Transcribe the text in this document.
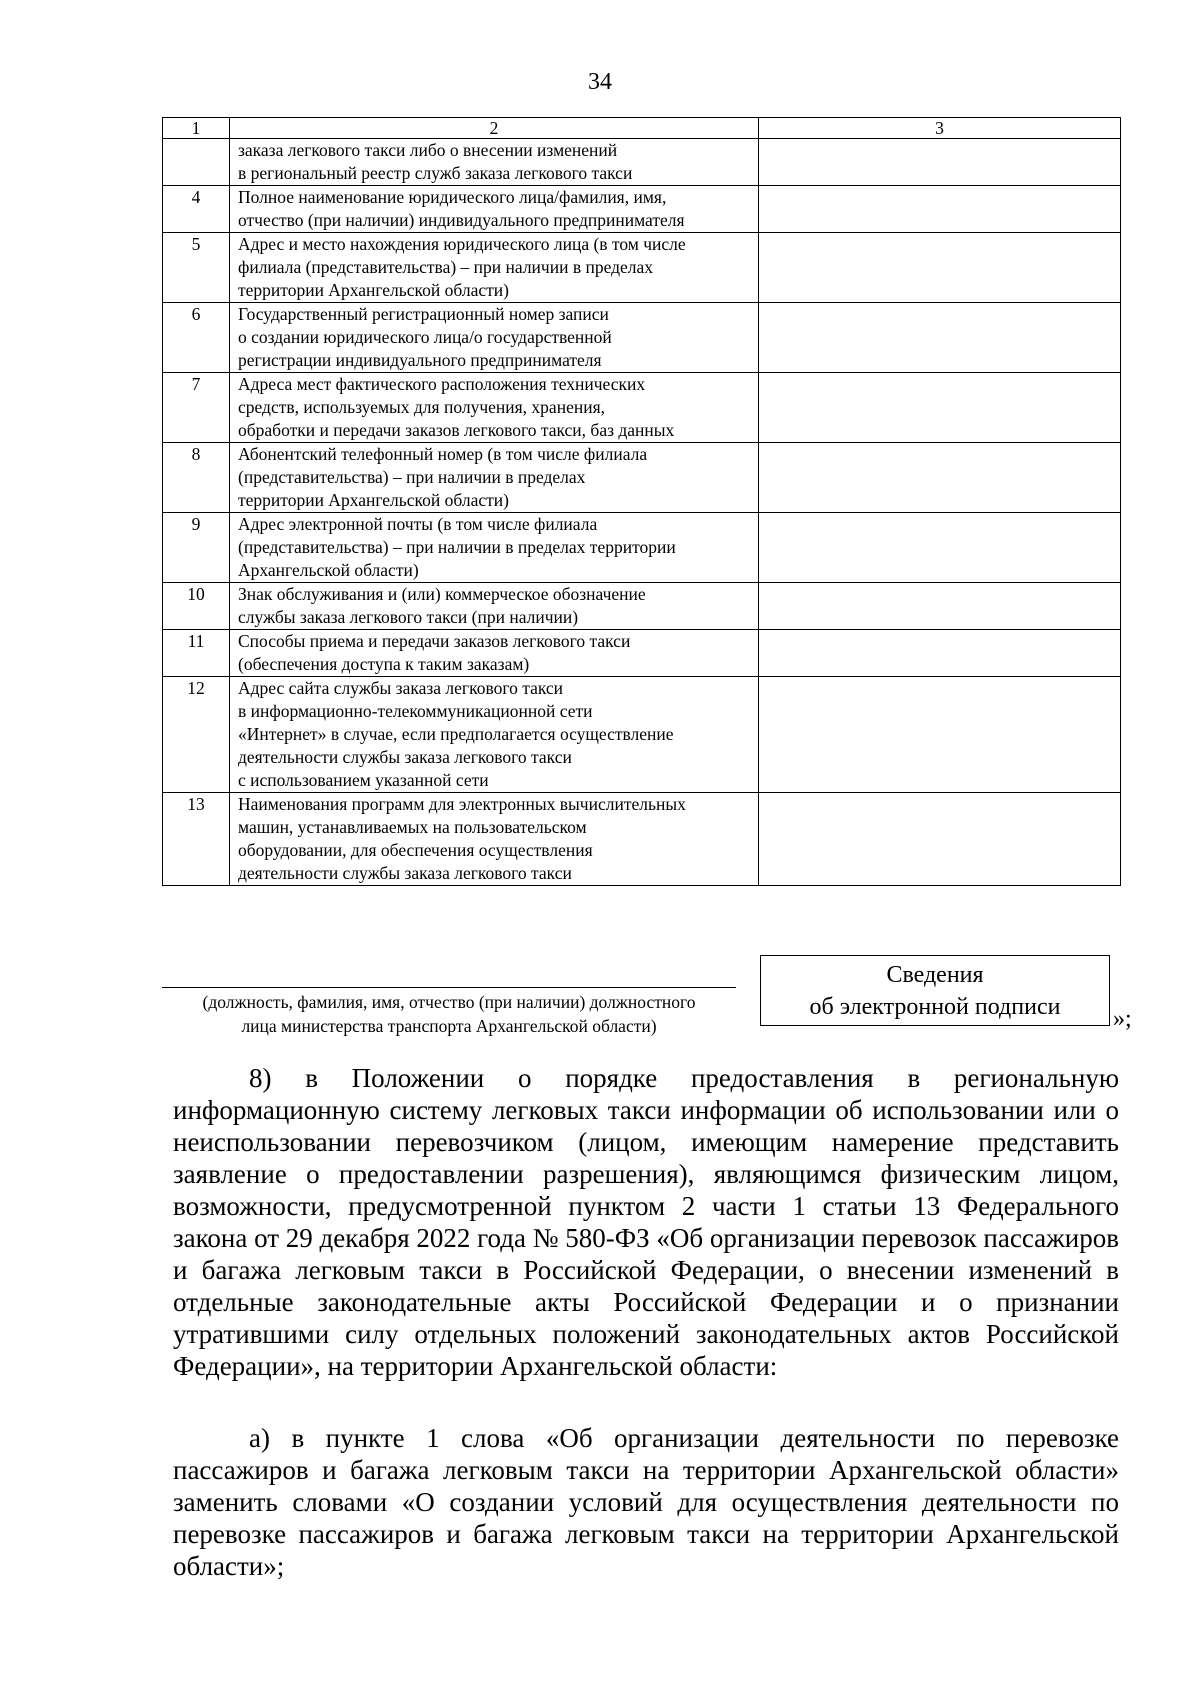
34
1	2	3
	заказа легкового такси либо о внесении изменений
в региональный реестр служб заказа легкового такси	
4	Полное наименование юридического лица/фамилия, имя,
отчество (при наличии) индивидуального предпринимателя	
5	Адрес и место нахождения юридического лица (в том числе
филиала (представительства) – при наличии в пределах
территории Архангельской области)	
6	Государственный регистрационный номер записи
о создании юридического лица/о государственной
регистрации индивидуального предпринимателя	
7	Адреса мест фактического расположения технических
средств, используемых для получения, хранения,
обработки и передачи заказов легкового такси, баз данных	
8	Абонентский телефонный номер (в том числе филиала
(представительства) – при наличии в пределах
территории Архангельской области)	
9	Адрес электронной почты (в том числе филиала
(представительства) – при наличии в пределах территории
Архангельской области)	
10	Знак обслуживания и (или) коммерческое обозначение
службы заказа легкового такси (при наличии)	
11	Способы приема и передачи заказов легкового такси
(обеспечения доступа к таким заказам)	
12	Адрес сайта службы заказа легкового такси
в информационно-телекоммуникационной сети
«Интернет» в случае, если предполагается осуществление
деятельности службы заказа легкового такси
с использованием указанной сети	
13	Наименования программ для электронных вычислительных
машин, устанавливаемых на пользовательском
оборудовании, для обеспечения осуществления
деятельности службы заказа легкового такси	
(должность, фамилия, имя, отчество (при наличии) должностного
лица министерства транспорта Архангельской области)
Сведения
об электронной подписи	»;

8) в Положении о порядке предоставления в региональную информационную систему легковых такси информации об использовании или о неиспользовании перевозчиком (лицом, имеющим намерение представить заявление о предоставлении разрешения), являющимся физическим лицом, возможности, предусмотренной пунктом 2 части 1 статьи 13 Федерального закона от 29 декабря 2022 года № 580-ФЗ «Об организации перевозок пассажиров и багажа легковым такси в Российской Федерации, о внесении изменений в отдельные законодательные акты Российской Федерации и о признании утратившими силу отдельных положений законодательных актов Российской Федерации», на территории Архангельской области:

а) в пункте 1 слова «Об организации деятельности по перевозке пассажиров и багажа легковым такси на территории Архангельской области» заменить словами «О создании условий для осуществления деятельности по перевозке пассажиров и багажа легковым такси на территории Архангельской области»;
